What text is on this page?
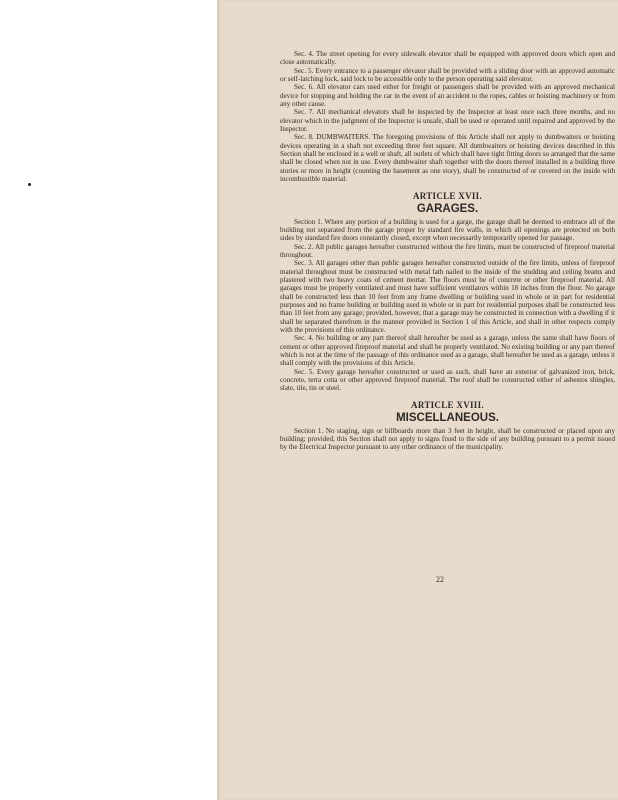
Sec. 4. The street opening for every sidewalk elevator shall be equipped with approved doors which open and close automatically.

Sec. 5. Every entrance to a passenger elevator shall be provided with a sliding door with an approved automatic or self-latching lock, said lock to be accessible only to the person operating said elevator.

Sec. 6. All elevator cars used either for freight or passengers shall be provided with an approved mechanical device for stopping and holding the car in the event of an accident to the ropes, cables or hoisting machinery or from any other cause.

Sec. 7. All mechanical elevators shall be inspected by the Inspector at least once each three months, and no elevator which in the judgment of the Inspector is unsafe, shall be used or operated until repaired and approved by the Inspector.

Sec. 8. DUMBWAITERS. The foregoing provisions of this Article shall not apply to dumbwaiters or hoisting devices operating in a shaft not exceeding three feet square. All dumbwaiters or hoisting devices described in this Section shall be enclosed in a well or shaft, all outlets of which shall have tight fitting doors so arranged that the same shall be closed when not in use. Every dumbwaiter shaft together with the doors thereof installed in a building three stories or more in height (counting the basement as one story), shall be constructed of or covered on the inside with incombustible material.

ARTICLE XVII.
GARAGES.

Section 1. Where any portion of a building is used for a garge, the garage shall be deemed to embrace all of the building not separated from the garage proper by standard fire walls, in which all openings are protected on both sides by standard fire doors constantly closed, except when necessarily temporarily opened for passage.

Sec. 2. All public garages hereafter constructed without the fire limits, must be constructed of fireproof material throughout.

Sec. 3. All garages other than public garages hereafter constructed outside of the fire limits, unless of fireproof material throughout must be constructed with metal lath nailed to the inside of the studding and ceiling beams and plastered with two heavy coats of cement mortar. The floors must be of concrete or other fireproof material. All garages must be properly ventilated and must have sufficient ventilators within 18 inches from the floor. No garage shall be constructed less than 10 feet from any frame dwelling or building used in whole or in part for residential purposes and no frame building or building used in whole or in part for residential purposes shall be constructed less than 10 feet from any garage; provided, however, that a garage may be constructed in connection with a dwelling if it shall be separated therefrom in the manner provided in Section 1 of this Article, and shall in other respects comply with the provisions of this ordinance.

Sec. 4. No building or any part thereof shall hereafter be used as a garage, unless the same shall have floors of cement or other approved fireproof material and shall be properly ventilated. No existing building or any part thereof which is not at the time of the passage of this ordinance used as a garage, shall hereafter be used as a garage, unless it shall comply with the provisions of this Article.

Sec. 5. Every garage hereafter constructed or used as such, shall have an exterior of galvanized iron, brick, concrete, terra cotta or other approved fireproof material. The roof shall be constructed either of asbestos shingles, slate, tile, tin or steel.

ARTICLE XVIII.
MISCELLANEOUS.

Section 1. No staging, sign or billboards more than 3 feet in height, shall be constructed or placed upon any building; provided, this Section shall not apply to signs fixed to the side of any building pursuant to a permit issued by the Electrical Inspector pursuant to any other ordinance of the municipality.

22
